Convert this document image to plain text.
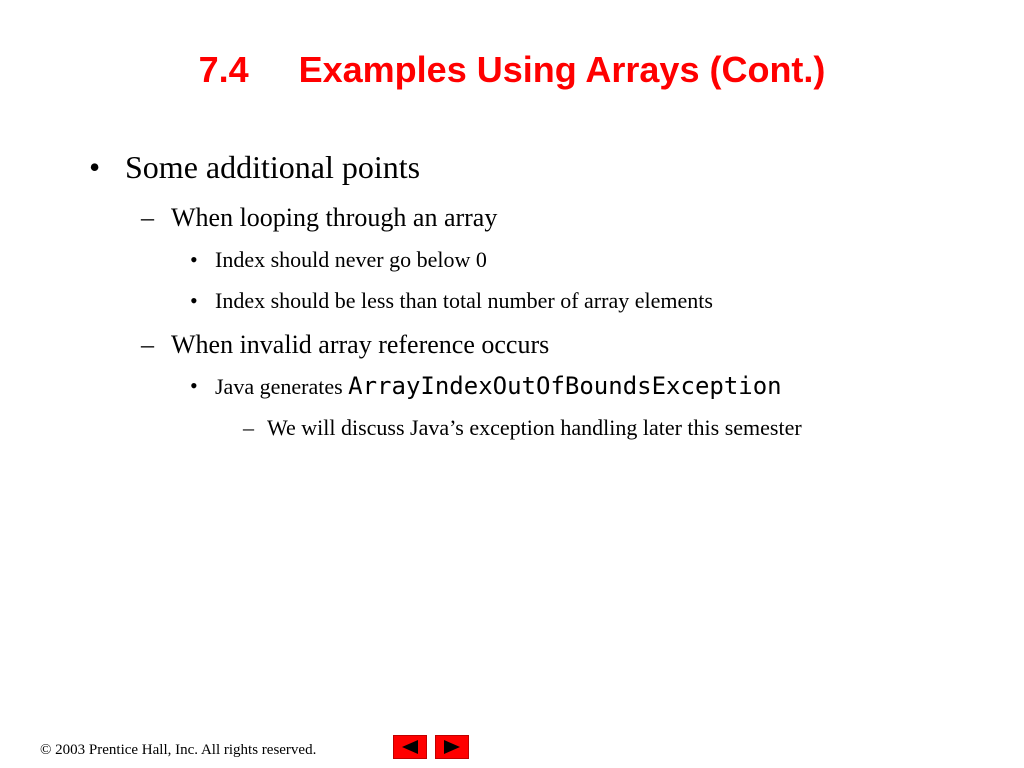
7.4 Examples Using Arrays (Cont.)
• Some additional points
– When looping through an array
• Index should never go below 0
• Index should be less than total number of array elements
– When invalid array reference occurs
• Java generates ArrayIndexOutOfBoundsException
– We will discuss Java’s exception handling later this semester
© 2003 Prentice Hall, Inc. All rights reserved.
